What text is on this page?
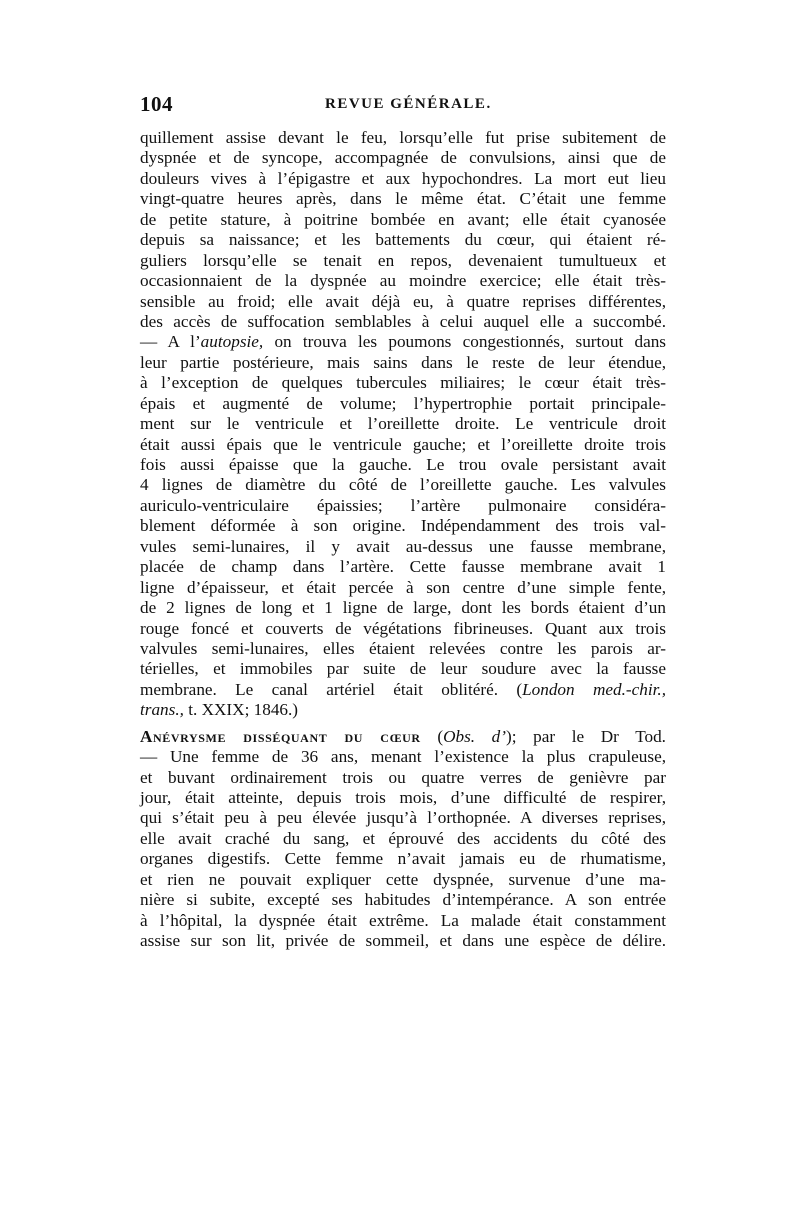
104	REVUE GÉNÉRALE.
quillement assise devant le feu, lorsqu’elle fut prise subitement de
dyspnée et de syncope, accompagnée de convulsions, ainsi que de
douleurs vives à l’épigastre et aux hypochondres. La mort eut lieu
vingt-quatre heures après, dans le même état. C’était une femme
de petite stature, à poitrine bombée en avant; elle était cyanosée
depuis sa naissance; et les battements du cœur, qui étaient ré-
guliers lorsqu’elle se tenait en repos, devenaient tumultueux et
occasionnaient de la dyspnée au moindre exercice; elle était très-
sensible au froid; elle avait déjà eu, à quatre reprises différentes,
des accès de suffocation semblables à celui auquel elle a succombé.
— A l’autopsie, on trouva les poumons congestionnés, surtout dans
leur partie postérieure, mais sains dans le reste de leur étendue,
à l’exception de quelques tubercules miliaires; le cœur était très-
épais et augmenté de volume; l’hypertrophie portait principale-
ment sur le ventricule et l’oreillette droite. Le ventricule droit
était aussi épais que le ventricule gauche; et l’oreillette droite trois
fois aussi épaisse que la gauche. Le trou ovale persistant avait
4 lignes de diamètre du côté de l’oreillette gauche. Les valvules
auriculo-ventriculaire épaissies; l’artère pulmonaire considéra-
blement déformée à son origine. Indépendamment des trois val-
vules semi-lunaires, il y avait au-dessus une fausse membrane,
placée de champ dans l’artère. Cette fausse membrane avait 1
ligne d’épaisseur, et était percée à son centre d’une simple fente,
de 2 lignes de long et 1 ligne de large, dont les bords étaient d’un
rouge foncé et couverts de végétations fibrineuses. Quant aux trois
valvules semi-lunaires, elles étaient relevées contre les parois ar-
térielles, et immobiles par suite de leur soudure avec la fausse
membrane. Le canal artériel était oblitéré. (London med.-chir.,
trans., t. XXIX; 1846.)
Anévrysme disséquant du cœur (Obs. d’); par le Dr Tod.
— Une femme de 36 ans, menant l’existence la plus crapuleuse,
et buvant ordinairement trois ou quatre verres de genièvre par
jour, était atteinte, depuis trois mois, d’une difficulté de respirer,
qui s’était peu à peu élevée jusqu’à l’orthopnée. A diverses reprises,
elle avait craché du sang, et éprouvé des accidents du côté des
organes digestifs. Cette femme n’avait jamais eu de rhumatisme,
et rien ne pouvait expliquer cette dyspnée, survenue d’une ma-
nière si subite, excepté ses habitudes d’intempérance. A son entrée
à l’hôpital, la dyspnée était extrême. La malade était constamment
assise sur son lit, privée de sommeil, et dans une espèce de délire.
